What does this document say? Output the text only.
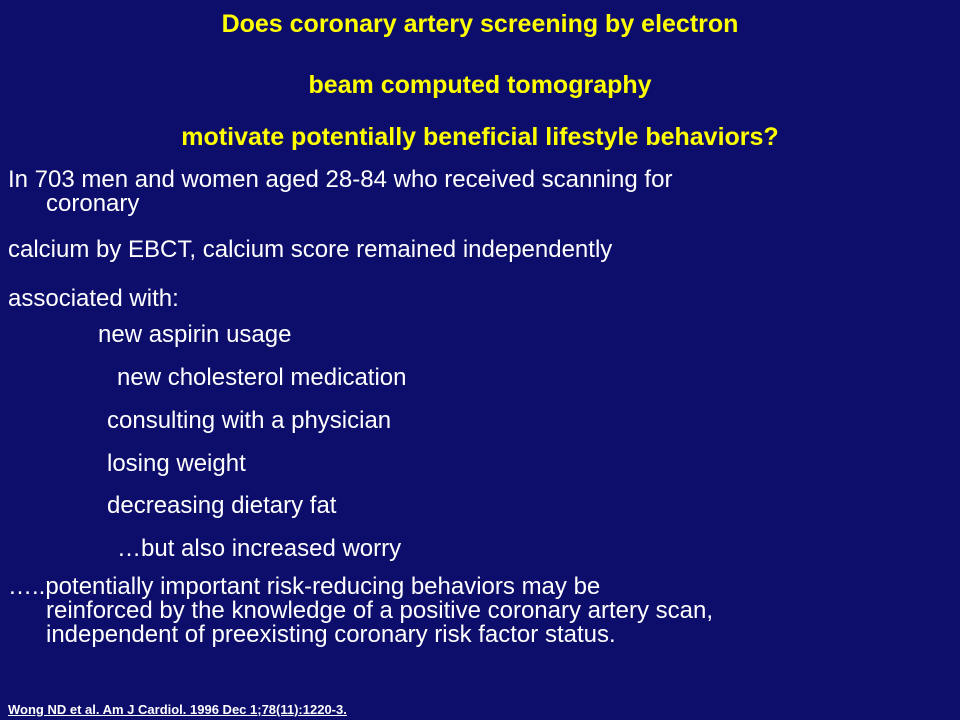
Does coronary artery screening by electron
beam computed tomography
motivate potentially beneficial lifestyle behaviors?
In 703 men and women aged 28-84 who received scanning for
coronary
calcium by EBCT, calcium score remained independently
associated with:
new aspirin usage
new cholesterol medication
consulting with a physician
losing weight
decreasing dietary fat
…but also increased worry
…..potentially important risk-reducing behaviors may be
reinforced by the knowledge of a positive coronary artery scan,
independent of preexisting coronary risk factor status.
Wong ND et al. Am J Cardiol. 1996 Dec 1;78(11):1220-3.
